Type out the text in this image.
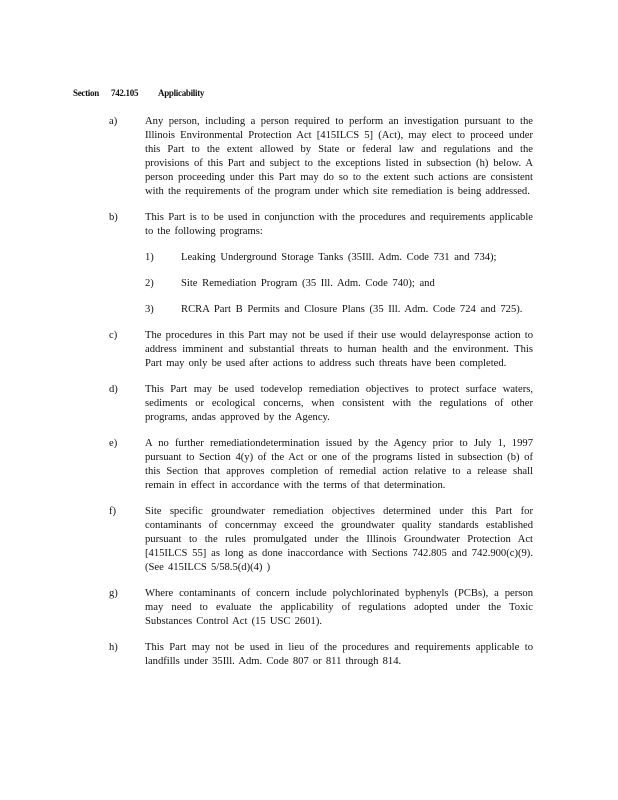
Section 742.105 Applicability
a)	Any person, including a person required to perform an investigation pursuant to the Illinois Environmental Protection Act [415ILCS 5] (Act), may elect to proceed under this Part to the extent allowed by State or federal law and regulations and the provisions of this Part and subject to the exceptions listed in subsection (h) below. A person proceeding under this Part may do so to the extent such actions are consistent with the requirements of the program under which site remediation is being addressed.
b)	This Part is to be used in conjunction with the procedures and requirements applicable to the following programs:
1)	Leaking Underground Storage Tanks (35Ill. Adm. Code 731 and 734);
2)	Site Remediation Program (35 Ill. Adm. Code 740); and
3)	RCRA Part B Permits and Closure Plans (35 Ill. Adm. Code 724 and 725).
c)	The procedures in this Part may not be used if their use would delayresponse action to address imminent and substantial threats to human health and the environment. This Part may only be used after actions to address such threats have been completed.
d)	This Part may be used todevelop remediation objectives to protect surface waters, sediments or ecological concerns, when consistent with the regulations of other programs, andas approved by the Agency.
e)	A no further remediationdetermination issued by the Agency prior to July 1, 1997 pursuant to Section 4(y) of the Act or one of the programs listed in subsection (b) of this Section that approves completion of remedial action relative to a release shall remain in effect in accordance with the terms of that determination.
f)	Site specific groundwater remediation objectives determined under this Part for contaminants of concernmay exceed the groundwater quality standards established pursuant to the rules promulgated under the Illinois Groundwater Protection Act [415ILCS 55] as long as done inaccordance with Sections 742.805 and 742.900(c)(9). (See 415ILCS 5/58.5(d)(4) )
g)	Where contaminants of concern include polychlorinated byphenyls (PCBs), a person may need to evaluate the applicability of regulations adopted under the Toxic Substances Control Act (15 USC 2601).
h)	This Part may not be used in lieu of the procedures and requirements applicable to landfills under 35Ill. Adm. Code 807 or 811 through 814.
